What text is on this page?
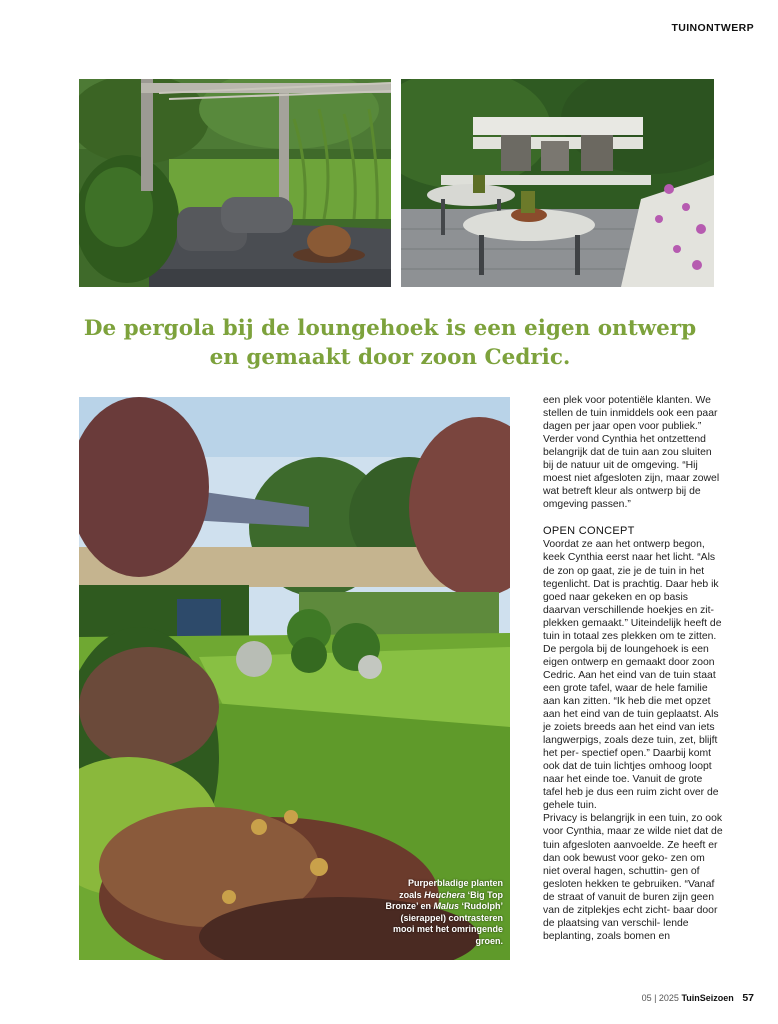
TUINONTWERP
De pergola bij de loungehoek is een eigen ontwerp
en gemaakt door zoon Cedric.
Purperbladige planten zoals Heuchera ‘Big Top Bronze’ en Malus ‘Rudolph’ (sierappel) contrasteren mooi met het omringende groen.

een plek voor potentiële klanten. We stellen de tuin inmiddels ook een paar dagen per jaar open voor publiek.” Verder vond Cynthia het ontzettend belangrijk dat de tuin aan zou sluiten bij de natuur uit de omgeving. “Hij moest niet afgesloten zijn, maar zowel wat betreft kleur als ontwerp bij de omgeving passen.”

OPEN CONCEPT

Voordat ze aan het ontwerp begon, keek Cynthia eerst naar het licht. “Als de zon op gaat, zie je de tuin in het tegenlicht. Dat is prachtig. Daar heb ik goed naar gekeken en op basis daarvan verschillende hoekjes en zit- plekken gemaakt.” Uiteindelijk heeft de tuin in totaal zes plekken om te zitten. De pergola bij de loungehoek is een eigen ontwerp en gemaakt door zoon Cedric. Aan het eind van de tuin staat een grote tafel, waar de hele familie aan kan zitten. “Ik heb die met opzet aan het eind van de tuin geplaatst. Als je zoiets breeds aan het eind van iets langwerpigs, zoals deze tuin, zet, blijft het per- spectief open.” Daarbij komt ook dat de tuin lichtjes omhoog loopt naar het einde toe. Vanuit de grote tafel heb je dus een ruim zicht over de gehele tuin.

Privacy is belangrijk in een tuin, zo ook voor Cynthia, maar ze wilde niet dat de tuin afgesloten aanvoelde. Ze heeft er dan ook bewust voor geko- zen om niet overal hagen, schuttin- gen of gesloten hekken te gebruiken. “Vanaf de straat of vanuit de buren zijn geen van de zitplekjes echt zicht- baar door de plaatsing van verschil- lende beplanting, zoals bomen en

05 | 2025 TuinSeizoen 57
